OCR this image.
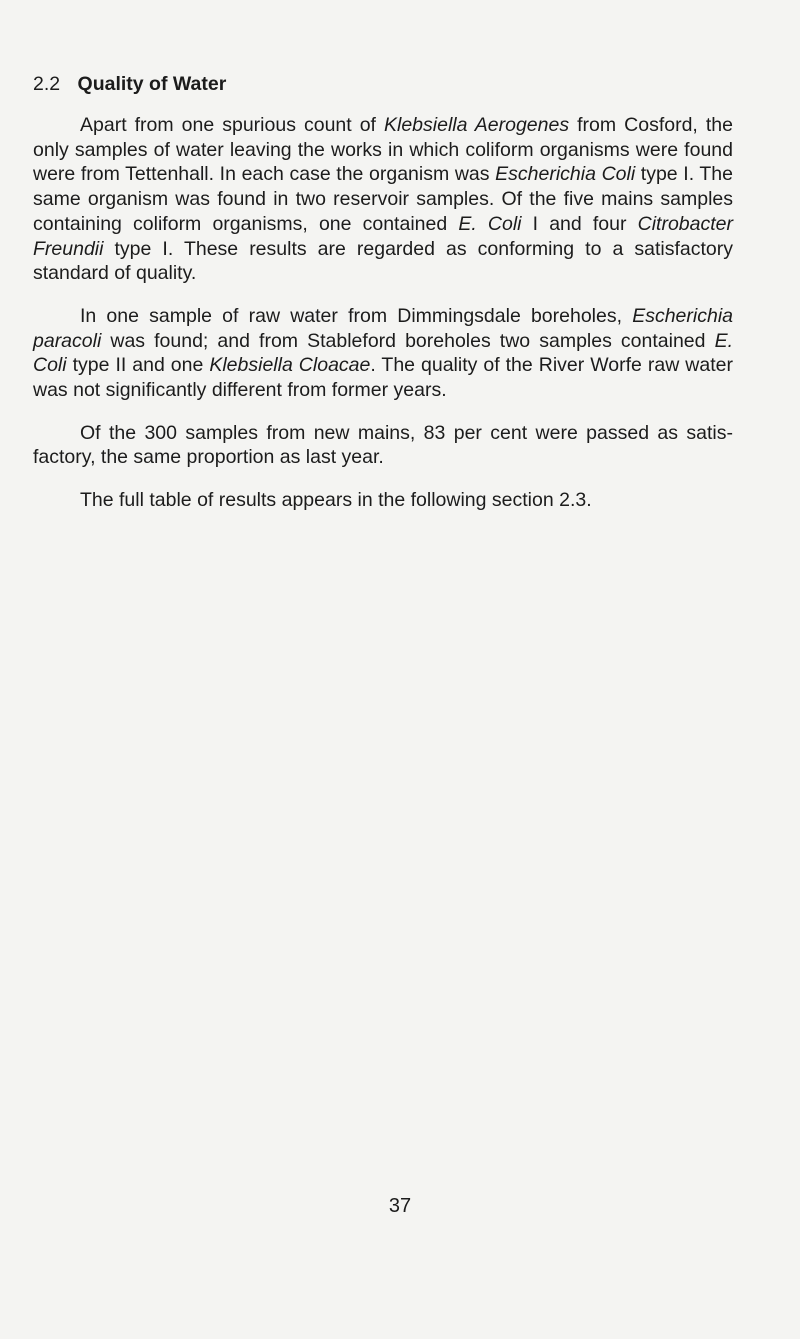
2.2 Quality of Water

Apart from one spurious count of Klebsiella Aerogenes from Cosford, the only samples of water leaving the works in which coliform organisms were found were from Tettenhall. In each case the organism was Escherichia Coli type I. The same organism was found in two reservoir samples. Of the five mains samples containing coliform organisms, one contained E. Coli I and four Citrobacter Freundii type I. These results are regarded as conforming to a satisfactory standard of quality.

In one sample of raw water from Dimmingsdale boreholes, Escherichia paracoli was found; and from Stableford boreholes two samples contained E. Coli type II and one Klebsiella Cloacae. The quality of the River Worfe raw water was not significantly different from former years.

Of the 300 samples from new mains, 83 per cent were passed as satis-factory, the same proportion as last year.

The full table of results appears in the following section 2.3.

37
